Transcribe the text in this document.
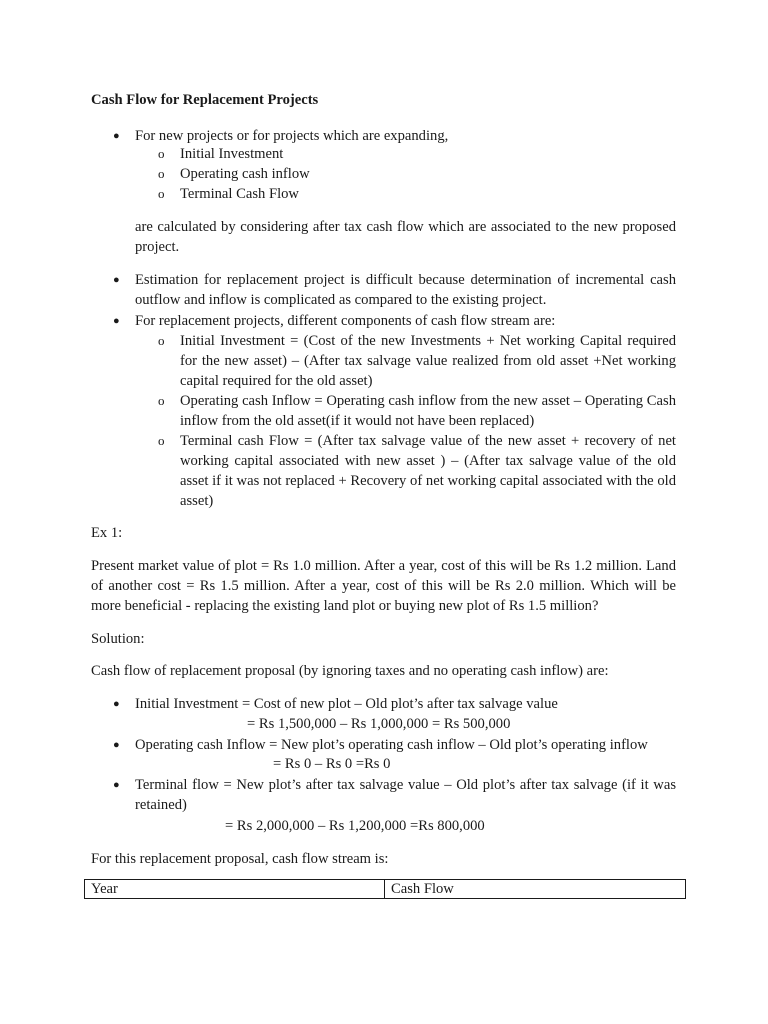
Cash Flow for Replacement Projects
● For new projects or for projects which are expanding,
o Initial Investment
o Operating cash inflow
o Terminal Cash Flow
are calculated by considering after tax cash flow which are associated to the new proposed project.
● Estimation for replacement project is difficult because determination of incremental cash outflow and inflow is complicated as compared to the existing project.
● For replacement projects, different components of cash flow stream are:
o Initial Investment = (Cost of the new Investments + Net working Capital required for the new asset) – (After tax salvage value realized from old asset +Net working capital required for the old asset)
o Operating cash Inflow = Operating cash inflow from the new asset – Operating Cash inflow from the old asset(if it would not have been replaced)
o Terminal cash Flow = (After tax salvage value of the new asset + recovery of net working capital associated with new asset ) – (After tax salvage value of the old asset if it was not replaced + Recovery of net working capital associated with the old asset)
Ex 1:
Present market value of plot = Rs 1.0 million. After a year, cost of this will be Rs 1.2 million. Land of another cost = Rs 1.5 million. After a year, cost of this will be Rs 2.0 million. Which will be more beneficial - replacing the existing land plot or buying new plot of Rs 1.5 million?
Solution:
Cash flow of replacement proposal (by ignoring taxes and no operating cash inflow) are:
● Initial Investment = Cost of new plot – Old plot’s after tax salvage value
= Rs 1,500,000 – Rs 1,000,000 = Rs 500,000
● Operating cash Inflow = New plot’s operating cash inflow – Old plot’s operating inflow
= Rs 0 – Rs 0 =Rs 0
● Terminal flow = New plot’s after tax salvage value – Old plot’s after tax salvage (if it was retained)
= Rs 2,000,000 – Rs 1,200,000 =Rs 800,000
For this replacement proposal, cash flow stream is:
Year	Cash Flow
